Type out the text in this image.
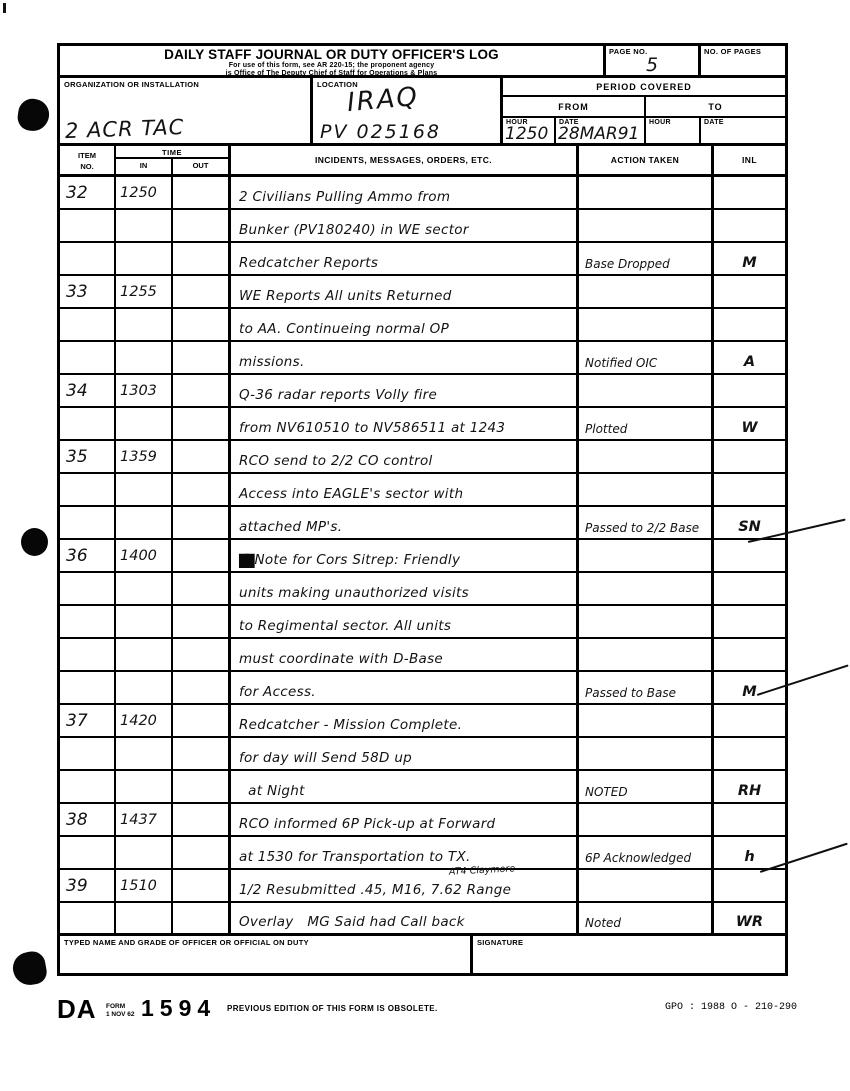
DAILY STAFF JOURNAL OR DUTY OFFICER'S LOG
For use of this form, see AR 220-15; the proponent agency
is Office of The Deputy Chief of Staff for Operations & Plans
PAGE NO.
5
NO. OF PAGES
ORGANIZATION OR INSTALLATION
2 ACR TAC
LOCATION
IRAQ
PV 025168
PERIOD COVERED
FROM	TO
HOUR
1250
DATE
28MAR91
HOUR	DATE
ITEM
NO.
TIME
IN	OUT
INCIDENTS, MESSAGES, ORDERS, ETC.	ACTION TAKEN	INL
32	1250	2 Civilians Pulling Ammo from
Bunker (PV180240) in WE sector
Redcatcher Reports	Base Dropped	M
33	1255	WE Reports All units Returned
to AA. Continueing normal OP
missions.	Notified OIC	A
34	1303	Q-36 radar reports Volly fire
from NV610510 to NV586511 at 1243	Plotted	W
35	1359	RCO send to 2/2 CO control
Access into EAGLE's sector with
attached MP's.	Passed to 2/2 Base	SN
36	1400	██ Note for Cors Sitrep: Friendly
units making unauthorized visits
to Regimental sector. All units
must coordinate with D-Base
for Access.	Passed to Base	M
37	1420	Redcatcher - Mission Complete.
for day will Send 58D up
at Night	NOTED	RH
38	1437	RCO informed 6P Pick-up at Forward
at 1530 for Transportation to TX.	6P Acknowledged	h
39	1510	1/2 Resubmitted .45, M16, 7.62 Range
AT4 Claymore
Overlay   MG Said had Call back	Noted	WR
TYPED NAME AND GRADE OF OFFICER OR OFFICIAL ON DUTY	SIGNATURE
DA FORM
1 NOV 62 1594 PREVIOUS EDITION OF THIS FORM IS OBSOLETE.	GPO : 1988 O - 210-290
